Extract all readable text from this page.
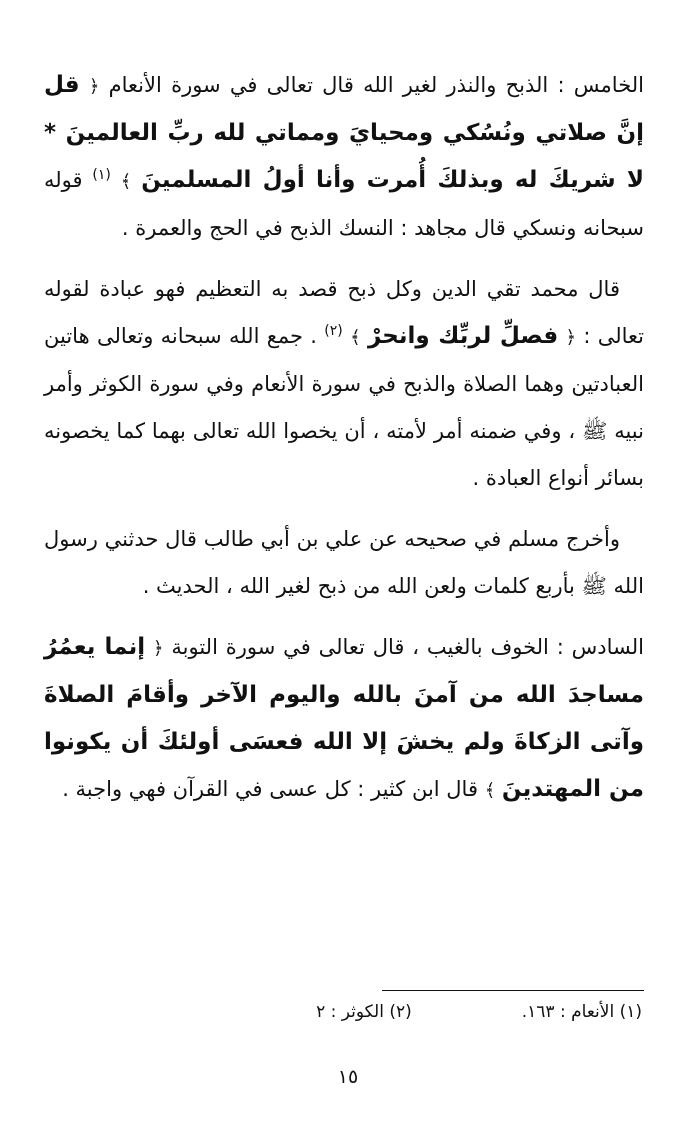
الخامس : الذبح والنذر لغير الله قال تعالى في سورة الأنعام ﴿ قل إنَّ صلاتي ونُسُكي ومحيايَ ومماتي لله ربِّ العالمينَ * لا شريكَ له وبذلكَ أُمرت وأنا أولُ المسلمينَ ﴾ $^{(١)}$ قوله سبحانه ونسكي قال مجاهد : النسك الذبح في الحج والعمرة .

قال محمد تقي الدين وكل ذبح قصد به التعظيم فهو عبادة لقوله تعالى : ﴿ فصلِّ لربِّك وانحرْ ﴾ $^{(٢)}$ . جمع الله سبحانه وتعالى هاتين العبادتين وهما الصلاة والذبح في سورة الأنعام وفي سورة الكوثر وأمر نبيه ﷺ ، وفي ضمنه أمر لأمته ، أن يخصوا الله تعالى بهما كما يخصونه بسائر أنواع العبادة .

وأخرج مسلم في صحيحه عن علي بن أبي طالب قال حدثني رسول الله ﷺ بأربع كلمات ولعن الله من ذبح لغير الله ، الحديث .

السادس : الخوف بالغيب ، قال تعالى في سورة التوبة ﴿ إنما يعمُرُ مساجدَ الله من آمنَ بالله واليوم الآخر وأقامَ الصلاةَ وآتى الزكاةَ ولم يخشَ إلا الله فعسَى أولئكَ أن يكونوا من المهتدينَ ﴾ قال ابن كثير : كل عسى في القرآن فهي واجبة .

(١) الأنعام : ١٦٣.
(٢) الكوثر : ٢
١٥
